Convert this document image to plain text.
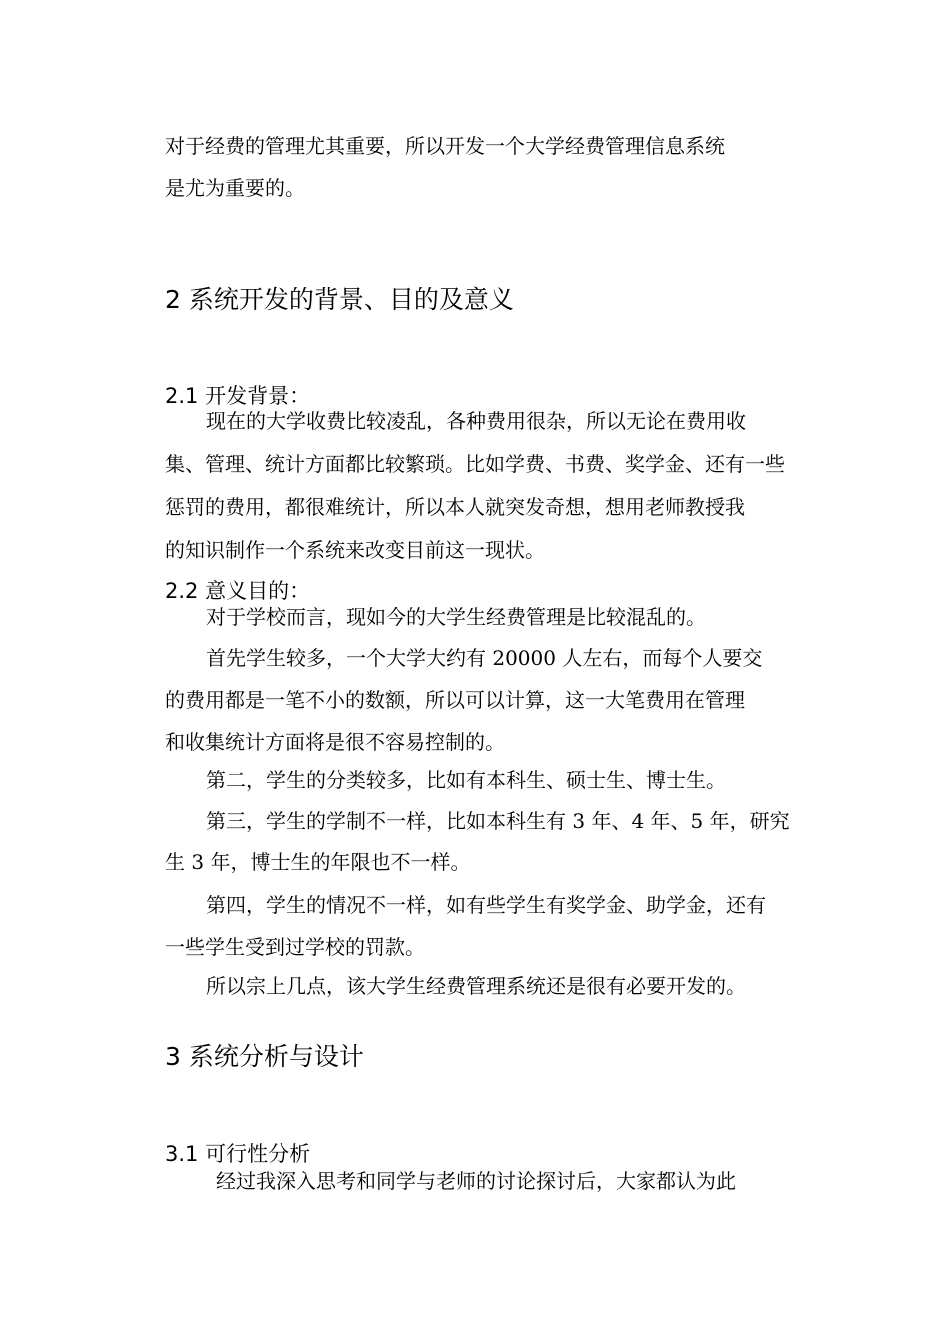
对于经费的管理尤其重要，所以开发一个大学经费管理信息系统
是尤为重要的。
2 系统开发的背景、目的及意义
2.1 开发背景：
现在的大学收费比较凌乱，各种费用很杂，所以无论在费用收
集、管理、统计方面都比较繁琐。比如学费、书费、奖学金、还有一些
惩罚的费用，都很难统计，所以本人就突发奇想，想用老师教授我
的知识制作一个系统来改变目前这一现状。
2.2 意义目的：
对于学校而言，现如今的大学生经费管理是比较混乱的。
首先学生较多，一个大学大约有 20000 人左右，而每个人要交
的费用都是一笔不小的数额，所以可以计算，这一大笔费用在管理
和收集统计方面将是很不容易控制的。
第二，学生的分类较多，比如有本科生、硕士生、博士生。
第三，学生的学制不一样，比如本科生有 3 年、4 年、5 年，研究
生 3 年，博士生的年限也不一样。
第四，学生的情况不一样，如有些学生有奖学金、助学金，还有
一些学生受到过学校的罚款。
所以宗上几点，该大学生经费管理系统还是很有必要开发的。
3 系统分析与设计
3.1 可行性分析
经过我深入思考和同学与老师的讨论探讨后，大家都认为此
